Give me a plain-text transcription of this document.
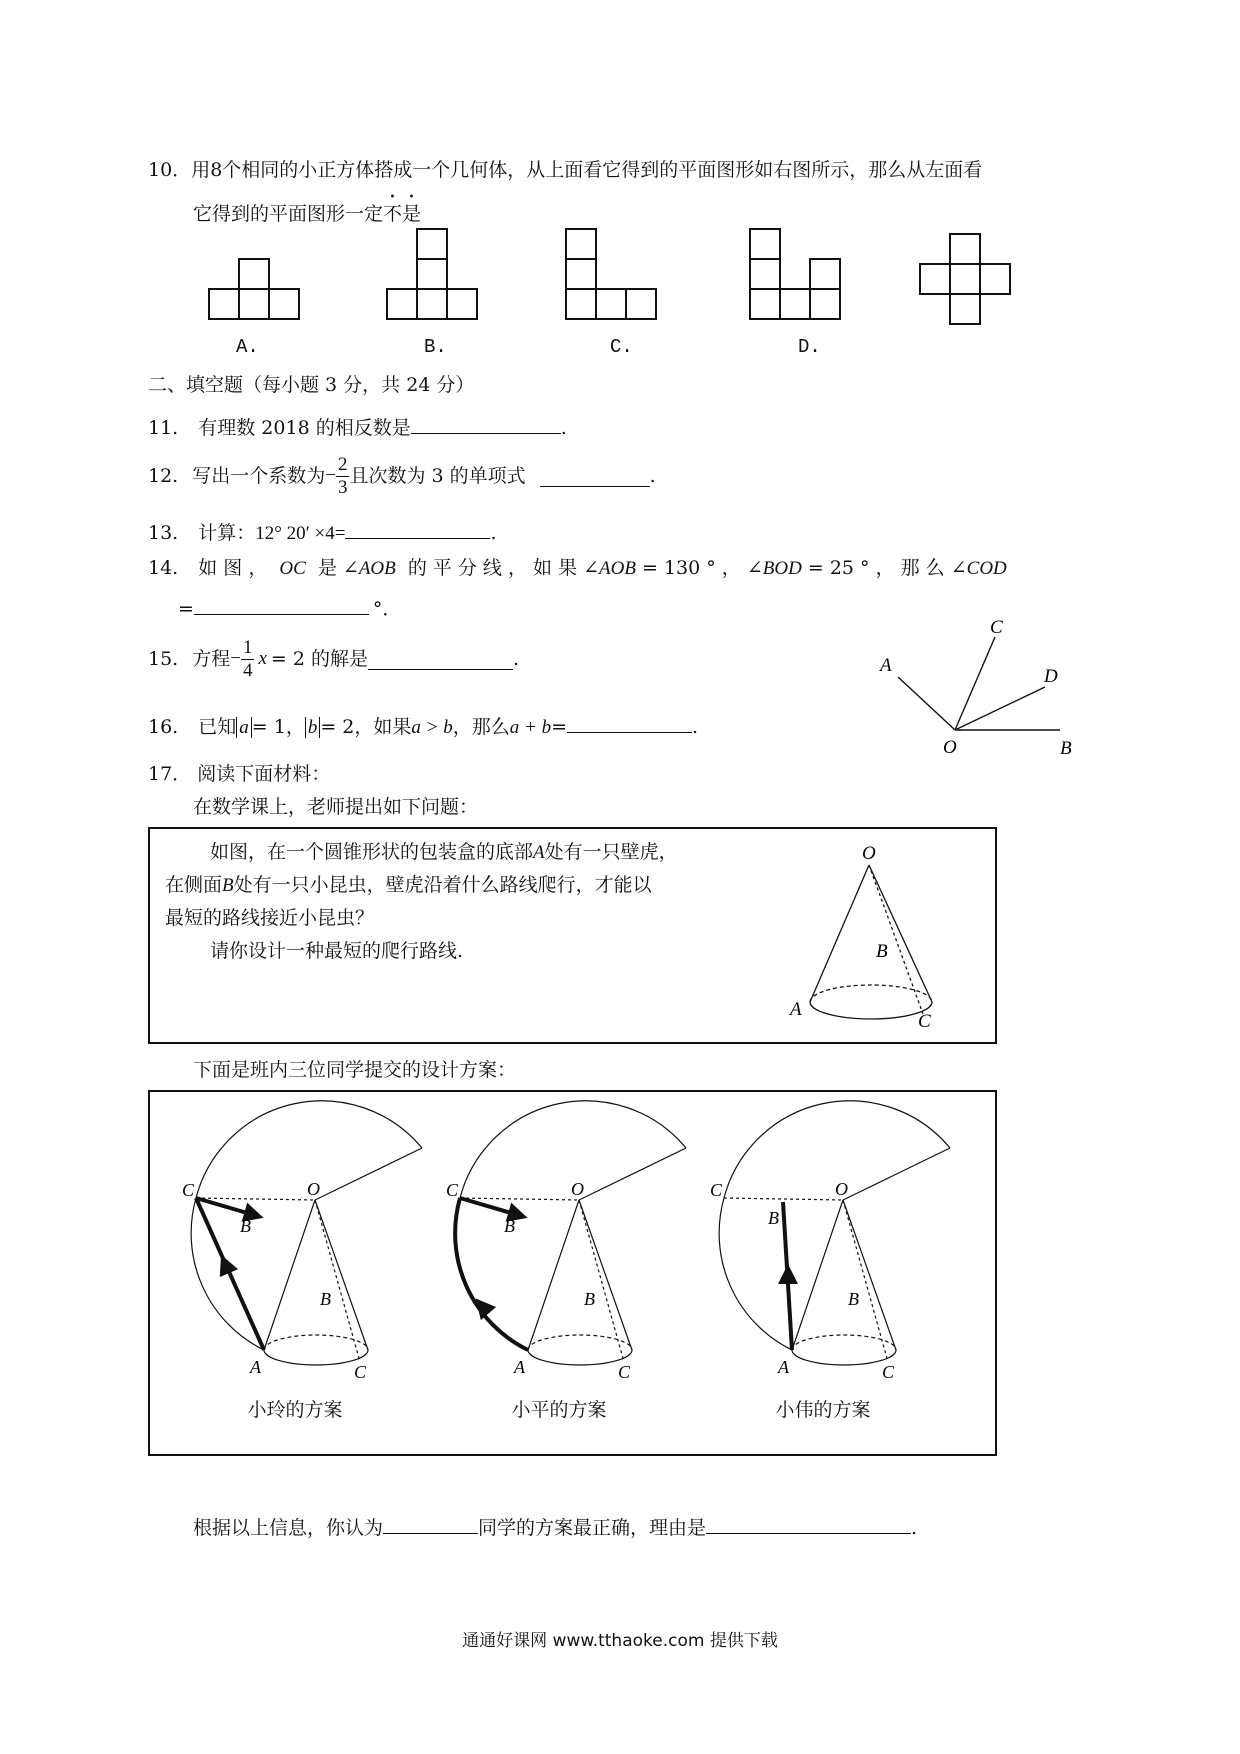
10．用8个相同的小正方体搭成一个几何体，从上面看它得到的平面图形如右图所示，那么从左面看
它得到的平面图形一定不是
A.	B.	C.	D.
二、填空题（每小题 3 分，共 24 分）
11. 有理数 2018 的相反数是	.
12. 写出一个系数为 − $\frac{2}{3}$ 且次数为 3 的单项式	.
13. 计算：12° 20′ ×4=	.
14. 如 图 ， OC 是 ∠AOB 的 平 分 线 ， 如 果 ∠AOB = 130 ° ， ∠BOD = 25 ° ， 那 么 ∠COD
=	°．
15. 方程 − $\frac{1}{4}$ x = 2 的解是	.
16. 已知 a = 1， b = 2，如果a > b，那么a + b=	.
A
C
D
O	B
17． 阅读下面材料：
在数学课上，老师提出如下问题：
如图，在一个圆锥形状的包装盒的底部A处有一只壁虎，
在侧面B处有一只小昆虫，壁虎沿着什么路线爬行，才能以
最短的路线接近小昆虫？
请你设计一种最短的爬行路线.
O
B
A
C
下面是班内三位同学提交的设计方案：
C
B
O
B
A	C
C
B
O
B
A	C
C
B
O
B
A	C
小玲的方案	小平的方案	小伟的方案
根据以上信息，你认为	同学的方案最正确，理由是	.
通通好课网 www.tthaoke.com 提供下载
